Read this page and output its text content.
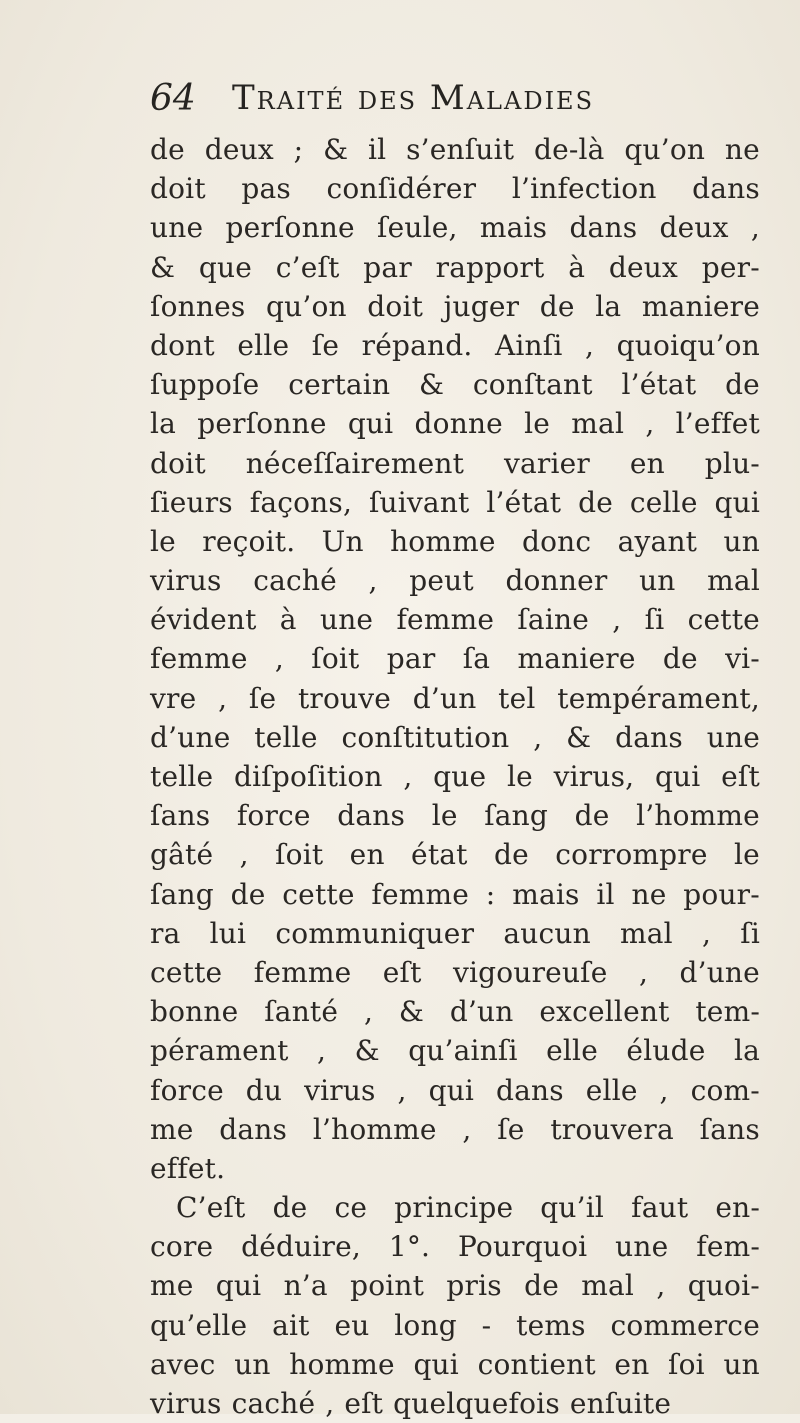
64 Traité des Maladies
de deux ; & il s’enſuit de-là qu’on ne
doit pas conſidérer l’infection dans
une perſonne ſeule, mais dans deux ,
& que c’eſt par rapport à deux per-
ſonnes qu’on doit juger de la maniere
dont elle ſe répand. Ainſi , quoiqu’on
ſuppoſe certain & conſtant l’état de
la perſonne qui donne le mal , l’effet
doit néceſſairement varier en plu-
ſieurs façons, ſuivant l’état de celle qui
le reçoit. Un homme donc ayant un
virus caché , peut donner un mal
évident à une femme ſaine , ſi cette
femme , ſoit par ſa maniere de vi-
vre , ſe trouve d’un tel tempérament,
d’une telle conſtitution , & dans une
telle diſpoſition , que le virus, qui eſt
ſans force dans le ſang de l’homme
gâté , ſoit en état de corrompre le
ſang de cette femme : mais il ne pour-
ra lui communiquer aucun mal , ſi
cette femme eſt vigoureuſe , d’une
bonne ſanté , & d’un excellent tem-
pérament , & qu’ainſi elle élude la
force du virus , qui dans elle , com-
me dans l’homme , ſe trouvera ſans
effet.
C’eſt de ce principe qu’il faut en-
core déduire, 1°. Pourquoi une fem-
me qui n’a point pris de mal , quoi-
qu’elle ait eu long - tems commerce
avec un homme qui contient en ſoi un
virus caché , eſt quelquefois enſuite
